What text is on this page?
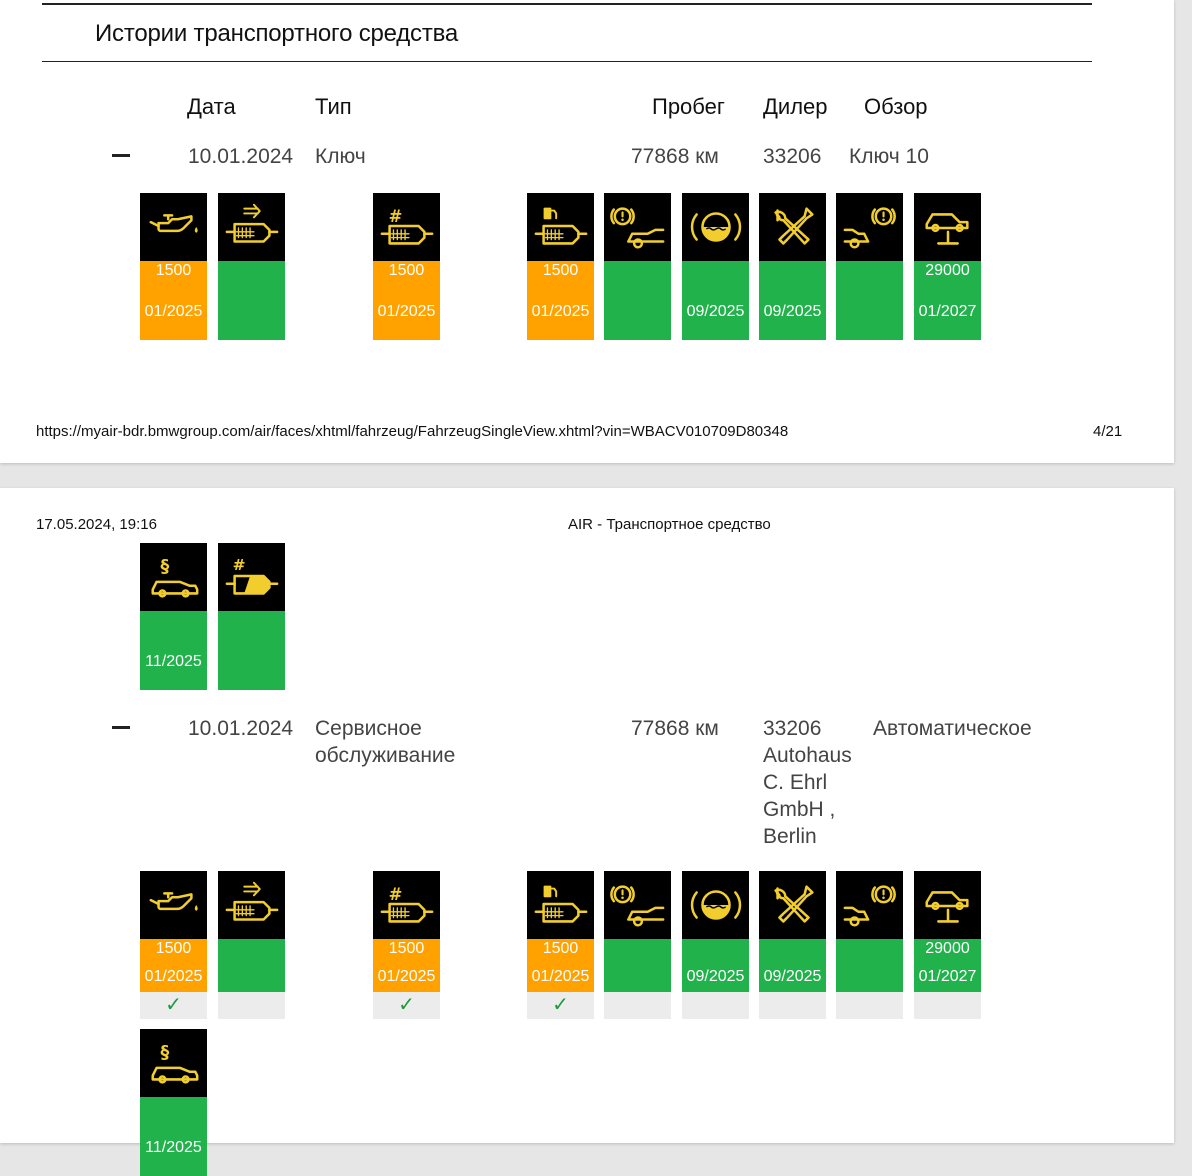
Истории транспортного средства
Дата	Тип	Пробег Дилер Обзор
10.01.2024 Ключ	77868 км 33206 Ключ 10
1500
01/2025
#
1500
01/2025
1500
01/2025	09/2025 09/2025
29000
01/2027
https://myair-bdr.bmwgroup.com/air/faces/xhtml/fahrzeug/FahrzeugSingleView.xhtml?vin=WBACV010709D80348	4/21
17.05.2024, 19:16	AIR - Транспортное средство
§
11/2025
#
10.01.2024 Сервисное
обслуживание
77868 км 33206
Autohaus
C. Ehrl
GmbH ,
Berlin
Автоматическое
1500
01/2025
✓
#
1500
01/2025
✓
1500
01/2025
✓
09/2025 09/2025
29000
01/2027
§
11/2025
